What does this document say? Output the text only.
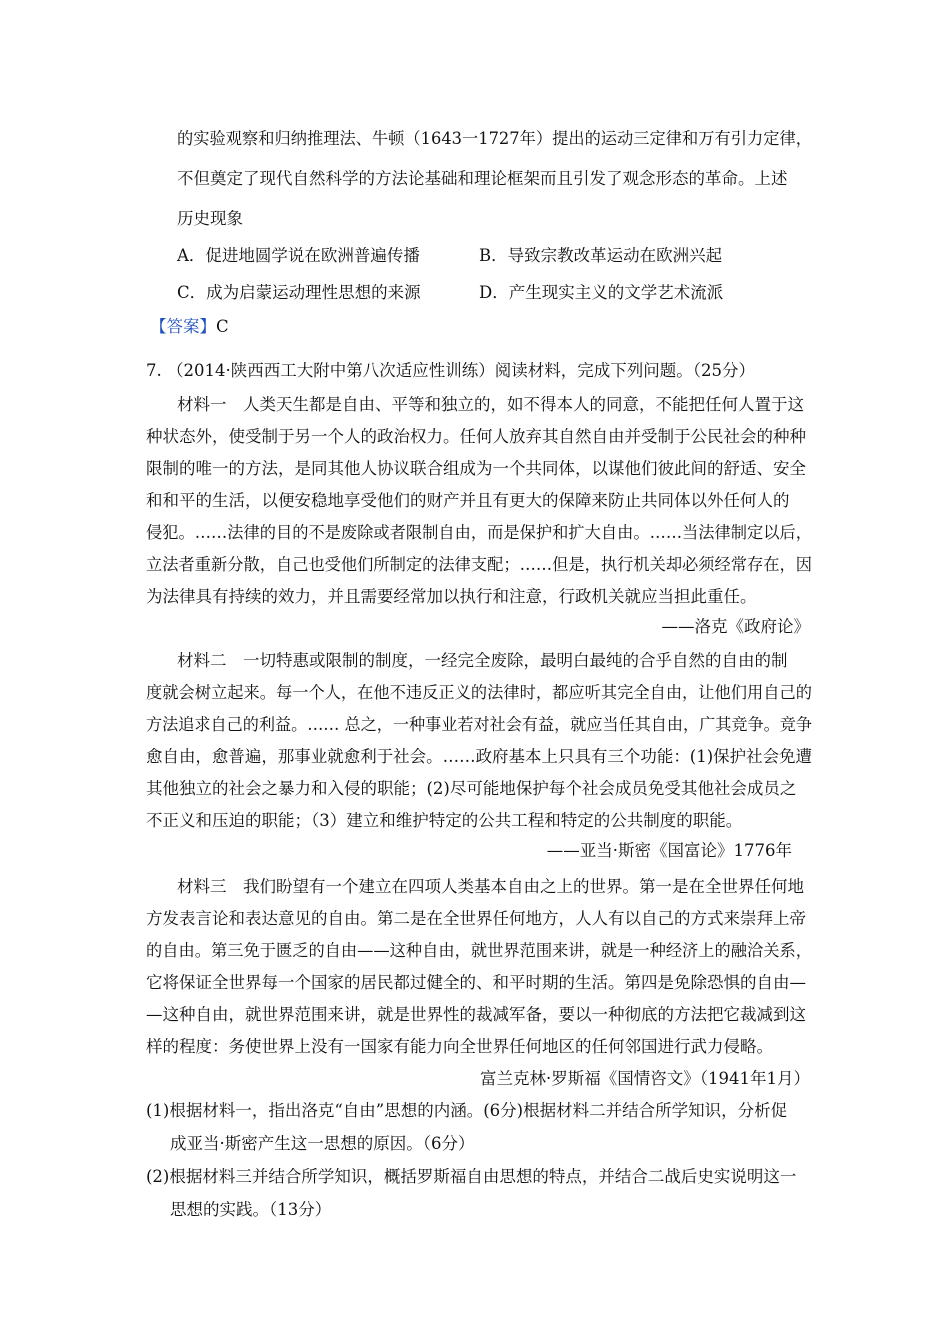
的实验观察和归纳推理法、牛顿（1643一1727年）提出的运动三定律和万有引力定律，
不但奠定了现代自然科学的方法论基础和理论框架而且引发了观念形态的革命。上述
历史现象
A．促进地圆学说在欧洲普遍传播	B．导致宗教改革运动在欧洲兴起
C．成为启蒙运动理性思想的来源	D．产生现实主义的文学艺术流派
【答案】C
7. （2014·陕西西工大附中第八次适应性训练）阅读材料，完成下列问题。（25分）
材料一　人类天生都是自由、平等和独立的，如不得本人的同意，不能把任何人置于这
种状态外，使受制于另一个人的政治权力。任何人放弃其自然自由并受制于公民社会的种种
限制的唯一的方法，是同其他人协议联合组成为一个共同体，以谋他们彼此间的舒适、安全
和和平的生活，以便安稳地享受他们的财产并且有更大的保障来防止共同体以外任何人的
侵犯。……法律的目的不是废除或者限制自由，而是保护和扩大自由。……当法律制定以后，
立法者重新分散，自己也受他们所制定的法律支配；……但是，执行机关却必须经常存在，因
为法律具有持续的效力，并且需要经常加以执行和注意，行政机关就应当担此重任。
——洛克《政府论》
材料二　一切特惠或限制的制度，一经完全废除，最明白最纯的合乎自然的自由的制
度就会树立起来。每一个人，在他不违反正义的法律时，都应听其完全自由，让他们用自己的
方法追求自己的利益。…… 总之，一种事业若对社会有益，就应当任其自由，广其竞争。竞争
愈自由，愈普遍，那事业就愈利于社会。……政府基本上只具有三个功能：(1)保护社会免遭
其他独立的社会之暴力和入侵的职能；(2)尽可能地保护每个社会成员免受其他社会成员之
不正义和压迫的职能；（3）建立和维护特定的公共工程和特定的公共制度的职能。
——亚当·斯密《国富论》1776年
材料三　我们盼望有一个建立在四项人类基本自由之上的世界。第一是在全世界任何地
方发表言论和表达意见的自由。第二是在全世界任何地方，人人有以自己的方式来崇拜上帝
的自由。第三免于匮乏的自由——这种自由，就世界范围来讲，就是一种经济上的融洽关系，
它将保证全世界每一个国家的居民都过健全的、和平时期的生活。第四是免除恐惧的自由—
—这种自由，就世界范围来讲，就是世界性的裁减军备，要以一种彻底的方法把它裁减到这
样的程度：务使世界上没有一国家有能力向全世界任何地区的任何邻国进行武力侵略。
富兰克林·罗斯福《国情咨文》（1941年1月）
(1)根据材料一，指出洛克“自由”思想的内涵。(6分)根据材料二并结合所学知识，分析促
成亚当·斯密产生这一思想的原因。（6分）
(2)根据材料三并结合所学知识，概括罗斯福自由思想的特点，并结合二战后史实说明这一
思想的实践。（13分）
